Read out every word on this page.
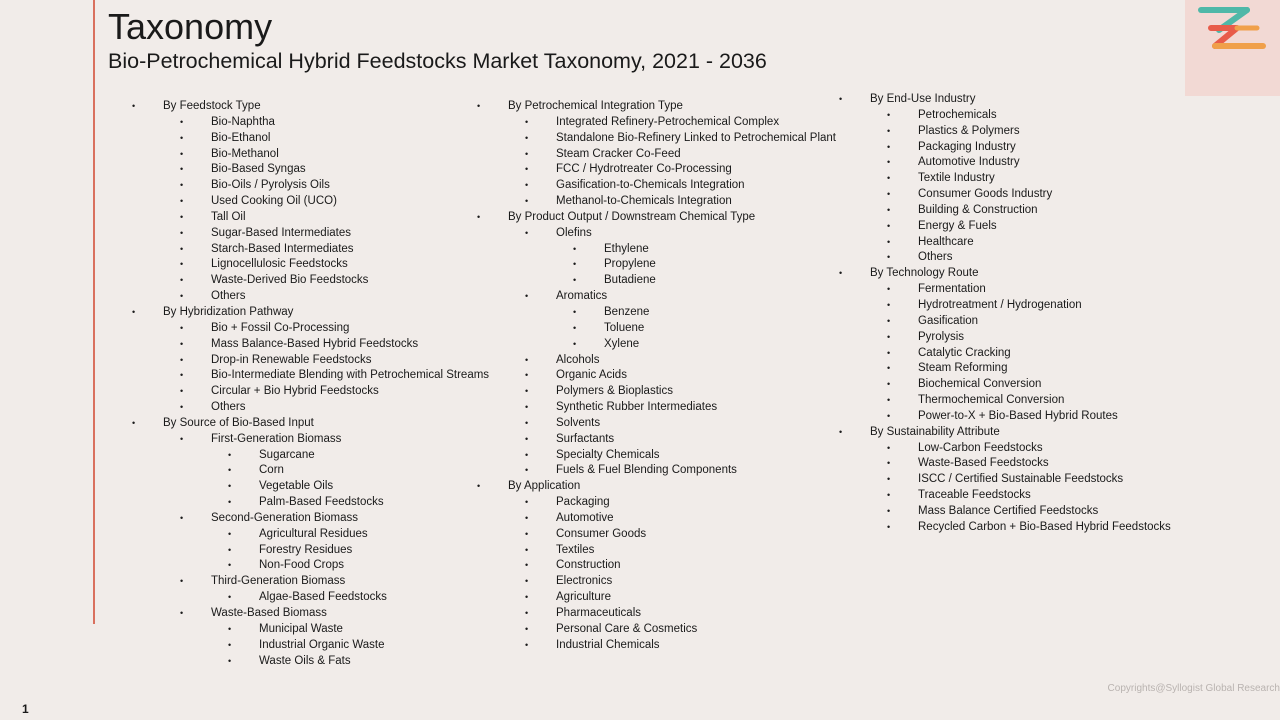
Taxonomy
Bio-Petrochemical Hybrid Feedstocks Market Taxonomy, 2021 - 2036
• By Feedstock Type
• Bio-Naphtha
• Bio-Ethanol
• Bio-Methanol
• Bio-Based Syngas
• Bio-Oils / Pyrolysis Oils
• Used Cooking Oil (UCO)
• Tall Oil
• Sugar-Based Intermediates
• Starch-Based Intermediates
• Lignocellulosic Feedstocks
• Waste-Derived Bio Feedstocks
• Others
• By Hybridization Pathway
• Bio + Fossil Co-Processing
• Mass Balance-Based Hybrid Feedstocks
• Drop-in Renewable Feedstocks
• Bio-Intermediate Blending with Petrochemical Streams
• Circular + Bio Hybrid Feedstocks
• Others
• By Source of Bio-Based Input
• First-Generation Biomass
• Sugarcane
• Corn
• Vegetable Oils
• Palm-Based Feedstocks
• Second-Generation Biomass
• Agricultural Residues
• Forestry Residues
• Non-Food Crops
• Third-Generation Biomass
• Algae-Based Feedstocks
• Waste-Based Biomass
• Municipal Waste
• Industrial Organic Waste
• Waste Oils & Fats
• By Petrochemical Integration Type
• Integrated Refinery-Petrochemical Complex
• Standalone Bio-Refinery Linked to Petrochemical Plant
• Steam Cracker Co-Feed
• FCC / Hydrotreater Co-Processing
• Gasification-to-Chemicals Integration
• Methanol-to-Chemicals Integration
• By Product Output / Downstream Chemical Type
• Olefins
• Ethylene
• Propylene
• Butadiene
• Aromatics
• Benzene
• Toluene
• Xylene
• Alcohols
• Organic Acids
• Polymers & Bioplastics
• Synthetic Rubber Intermediates
• Solvents
• Surfactants
• Specialty Chemicals
• Fuels & Fuel Blending Components
• By Application
• Packaging
• Automotive
• Consumer Goods
• Textiles
• Construction
• Electronics
• Agriculture
• Pharmaceuticals
• Personal Care & Cosmetics
• Industrial Chemicals
• By End-Use Industry
• Petrochemicals
• Plastics & Polymers
• Packaging Industry
• Automotive Industry
• Textile Industry
• Consumer Goods Industry
• Building & Construction
• Energy & Fuels
• Healthcare
• Others
• By Technology Route
• Fermentation
• Hydrotreatment / Hydrogenation
• Gasification
• Pyrolysis
• Catalytic Cracking
• Steam Reforming
• Biochemical Conversion
• Thermochemical Conversion
• Power-to-X + Bio-Based Hybrid Routes
• By Sustainability Attribute
• Low-Carbon Feedstocks
• Waste-Based Feedstocks
• ISCC / Certified Sustainable Feedstocks
• Traceable Feedstocks
• Mass Balance Certified Feedstocks
• Recycled Carbon + Bio-Based Hybrid Feedstocks
Copyrights@Syllogist Global Research
1
